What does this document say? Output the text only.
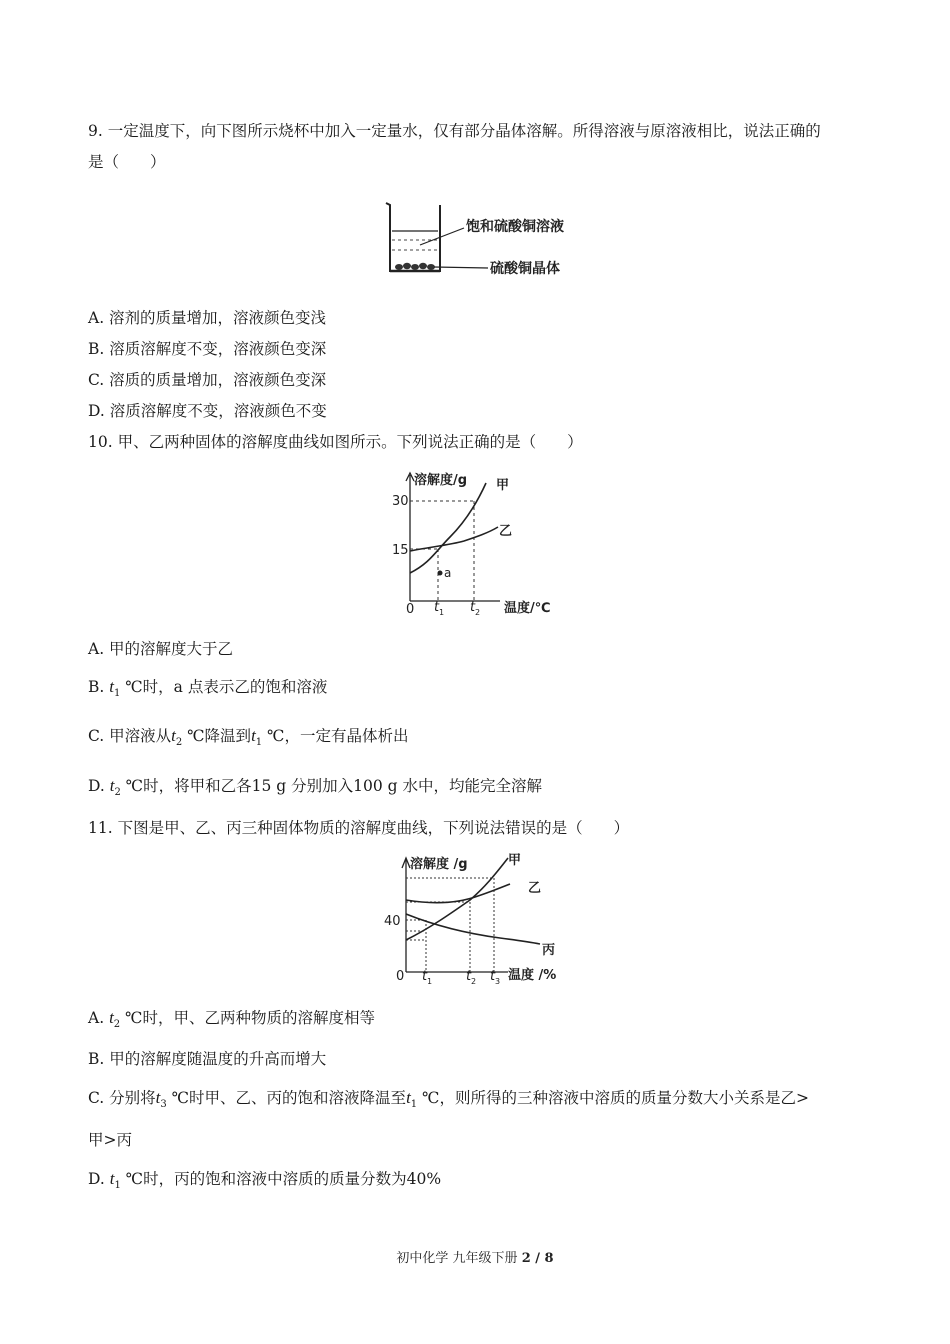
9. 一定温度下，向下图所示烧杯中加入一定量水，仅有部分晶体溶解。所得溶液与原溶液相比，说法正确的
是（　　）
饱和硫酸铜溶液
硫酸铜晶体
A. 溶剂的质量增加，溶液颜色变浅
B. 溶质溶解度不变，溶液颜色变深
C. 溶质的质量增加，溶液颜色变深
D. 溶质溶解度不变，溶液颜色不变
10. 甲、乙两种固体的溶解度曲线如图所示。下列说法正确的是（　　）
a
溶解度/g 甲
乙
30
15
0 t 1 t 2 温度/℃
A. 甲的溶解度大于乙
B. $t_1$ ℃时，a 点表示乙的饱和溶液
C. 甲溶液从$t_2$ ℃降温到$t_1$ ℃，一定有晶体析出
D. $t_2$ ℃时，将甲和乙各15 g 分别加入100 g 水中，均能完全溶解
11. 下图是甲、乙、丙三种固体物质的溶解度曲线，下列说法错误的是（　　）
溶解度 /g	甲
乙
丙
40
0 t 1	t 2 t 3 温度 /%
A. $t_2$ ℃时，甲、乙两种物质的溶解度相等
B. 甲的溶解度随温度的升高而增大
C. 分别将$t_3$ ℃时甲、乙、丙的饱和溶液降温至$t_1$ ℃，则所得的三种溶液中溶质的质量分数大小关系是乙>
甲>丙
D. $t_1$ ℃时，丙的饱和溶液中溶质的质量分数为40%
初中化学 九年级下册 2 / 8
